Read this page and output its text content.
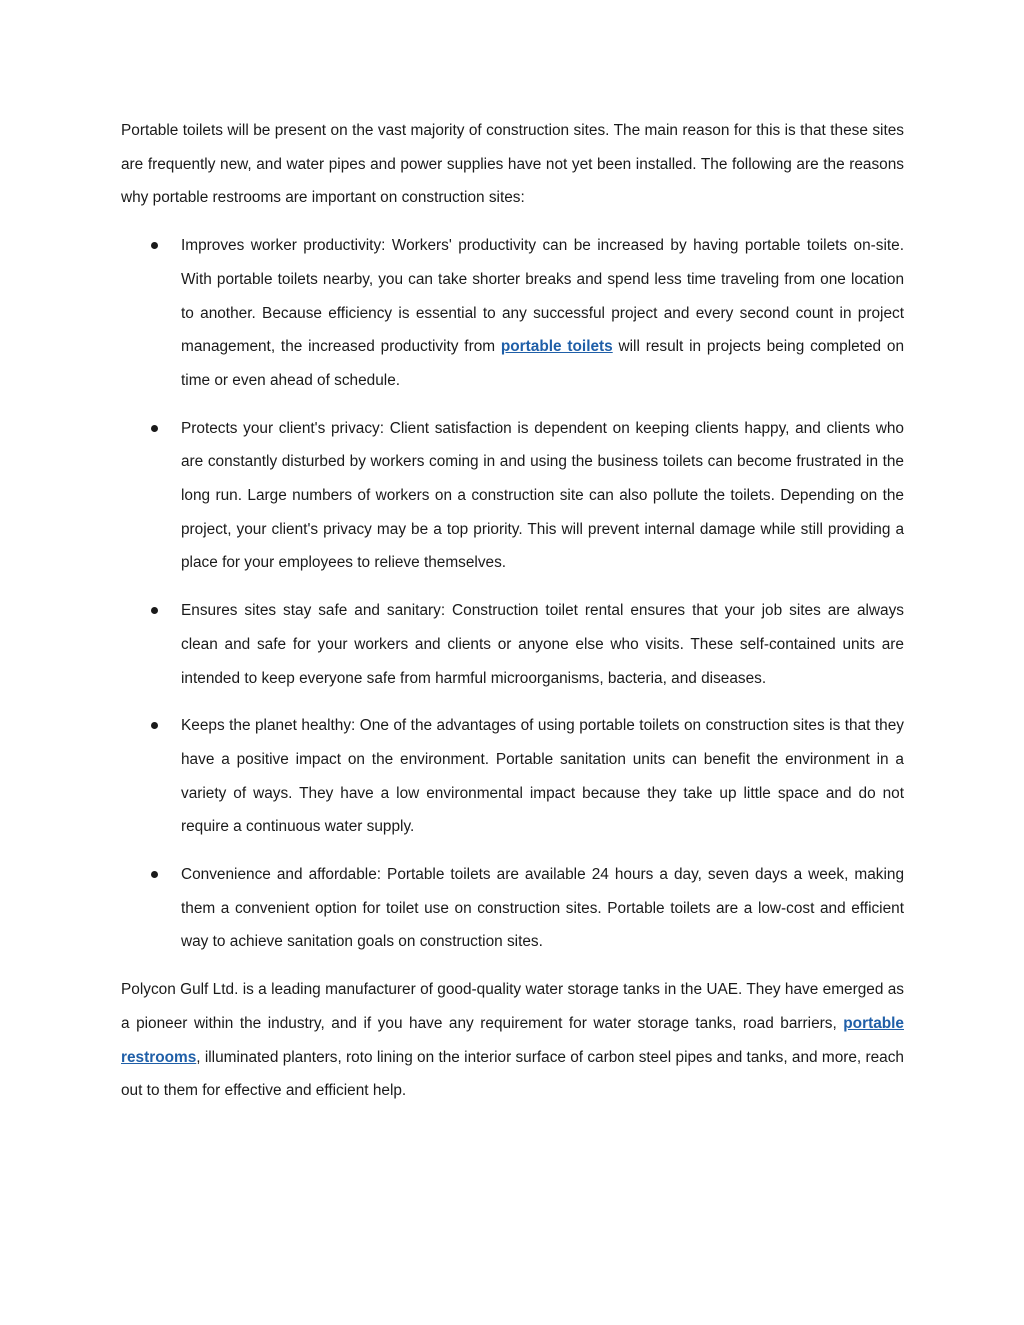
Portable toilets will be present on the vast majority of construction sites. The main reason for this is that these sites are frequently new, and water pipes and power supplies have not yet been installed. The following are the reasons why portable restrooms are important on construction sites:

Improves worker productivity: Workers' productivity can be increased by having portable toilets on-site. With portable toilets nearby, you can take shorter breaks and spend less time traveling from one location to another. Because efficiency is essential to any successful project and every second count in project management, the increased productivity from portable toilets will result in projects being completed on time or even ahead of schedule.
Protects your client's privacy: Client satisfaction is dependent on keeping clients happy, and clients who are constantly disturbed by workers coming in and using the business toilets can become frustrated in the long run. Large numbers of workers on a construction site can also pollute the toilets. Depending on the project, your client's privacy may be a top priority. This will prevent internal damage while still providing a place for your employees to relieve themselves.
Ensures sites stay safe and sanitary: Construction toilet rental ensures that your job sites are always clean and safe for your workers and clients or anyone else who visits. These self-contained units are intended to keep everyone safe from harmful microorganisms, bacteria, and diseases.
Keeps the planet healthy: One of the advantages of using portable toilets on construction sites is that they have a positive impact on the environment. Portable sanitation units can benefit the environment in a variety of ways. They have a low environmental impact because they take up little space and do not require a continuous water supply.
Convenience and affordable: Portable toilets are available 24 hours a day, seven days a week, making them a convenient option for toilet use on construction sites. Portable toilets are a low-cost and efficient way to achieve sanitation goals on construction sites.

Polycon Gulf Ltd. is a leading manufacturer of good-quality water storage tanks in the UAE. They have emerged as a pioneer within the industry, and if you have any requirement for water storage tanks, road barriers, portable restrooms, illuminated planters, roto lining on the interior surface of carbon steel pipes and tanks, and more, reach out to them for effective and efficient help.
